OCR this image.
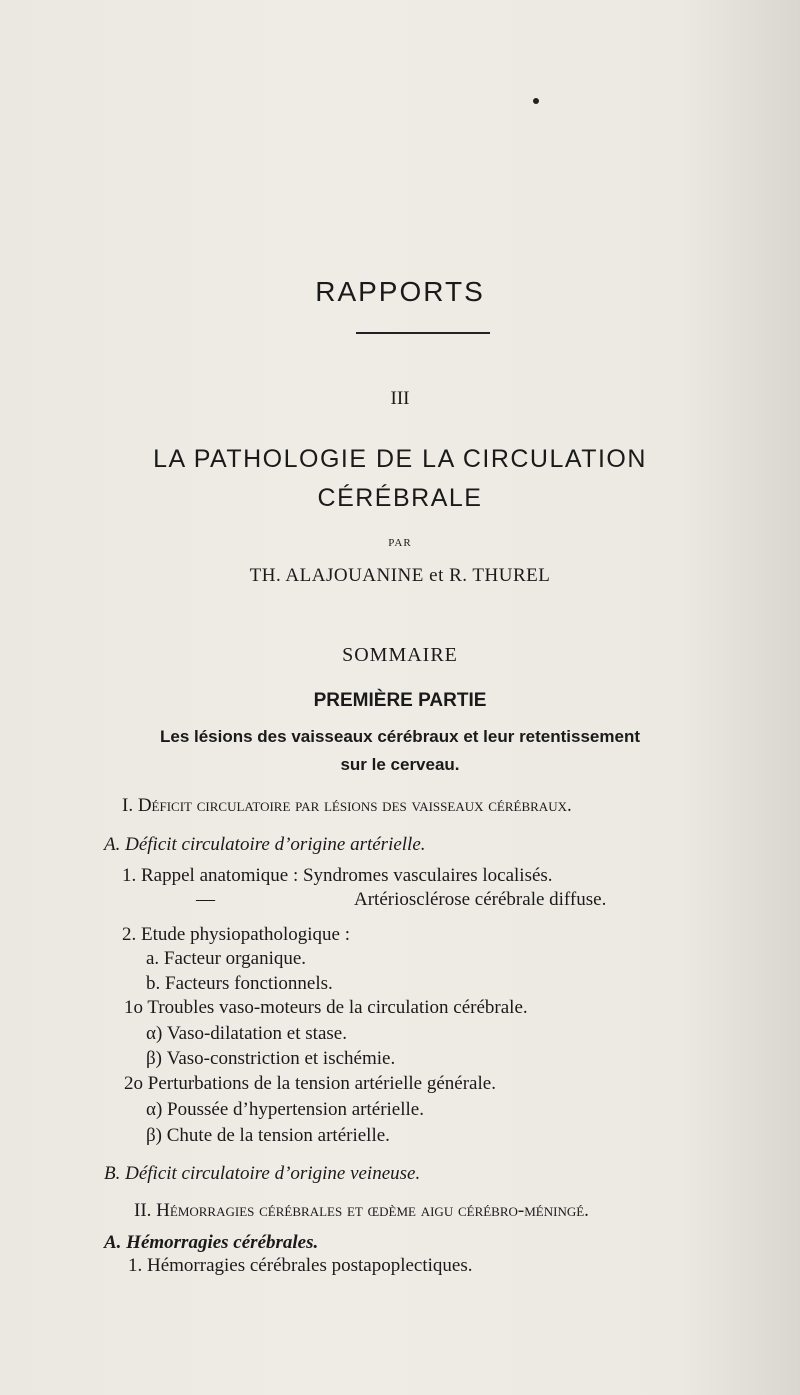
RAPPORTS
III
LA PATHOLOGIE DE LA CIRCULATION
CÉRÉBRALE
PAR
TH. ALAJOUANINE et R. THUREL
SOMMAIRE
PREMIÈRE PARTIE
Les lésions des vaisseaux cérébraux et leur retentissement
sur le cerveau.
I. Déficit circulatoire par lésions des vaisseaux cérébraux.
A. Déficit circulatoire d’origine artérielle.
1. Rappel anatomique : Syndromes vasculaires localisés.
—	Artériosclérose cérébrale diffuse.
2. Etude physiopathologique :
a. Facteur organique.
b. Facteurs fonctionnels.
1o Troubles vaso-moteurs de la circulation cérébrale.
α) Vaso-dilatation et stase.
β) Vaso-constriction et ischémie.
2o Perturbations de la tension artérielle générale.
α) Poussée d’hypertension artérielle.
β) Chute de la tension artérielle.
B. Déficit circulatoire d’origine veineuse.
II. Hémorragies cérébrales et œdème aigu cérébro-méningé.
A. Hémorragies cérébrales.
1. Hémorragies cérébrales postapoplectiques.
